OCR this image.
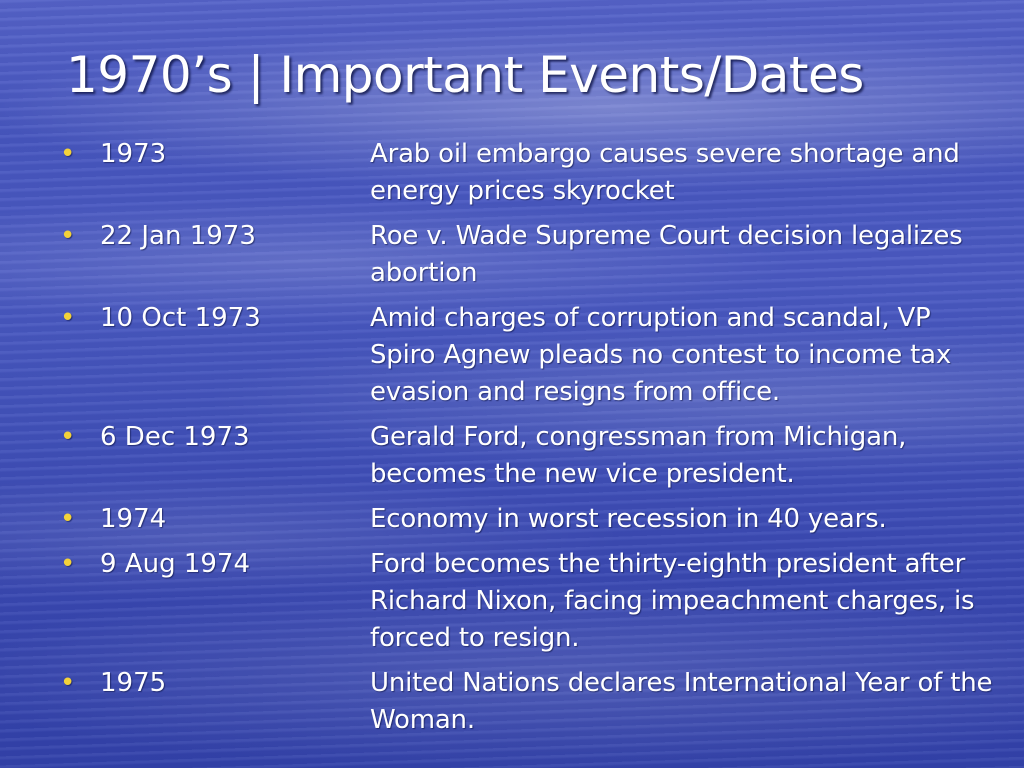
1970’s | Important Events/Dates
• 1973	Arab oil embargo causes severe shortage and energy prices skyrocket
• 22 Jan 1973	Roe v. Wade Supreme Court decision legalizes abortion
• 10 Oct 1973	Amid charges of corruption and scandal, VP Spiro Agnew pleads no contest to income tax evasion and resigns from office.
• 6 Dec 1973	Gerald Ford, congressman from Michigan, becomes the new vice president.
• 1974	Economy in worst recession in 40 years.
• 9 Aug 1974	Ford becomes the thirty-eighth president after Richard Nixon, facing impeachment charges, is forced to resign.
• 1975	United Nations declares International Year of the Woman.
